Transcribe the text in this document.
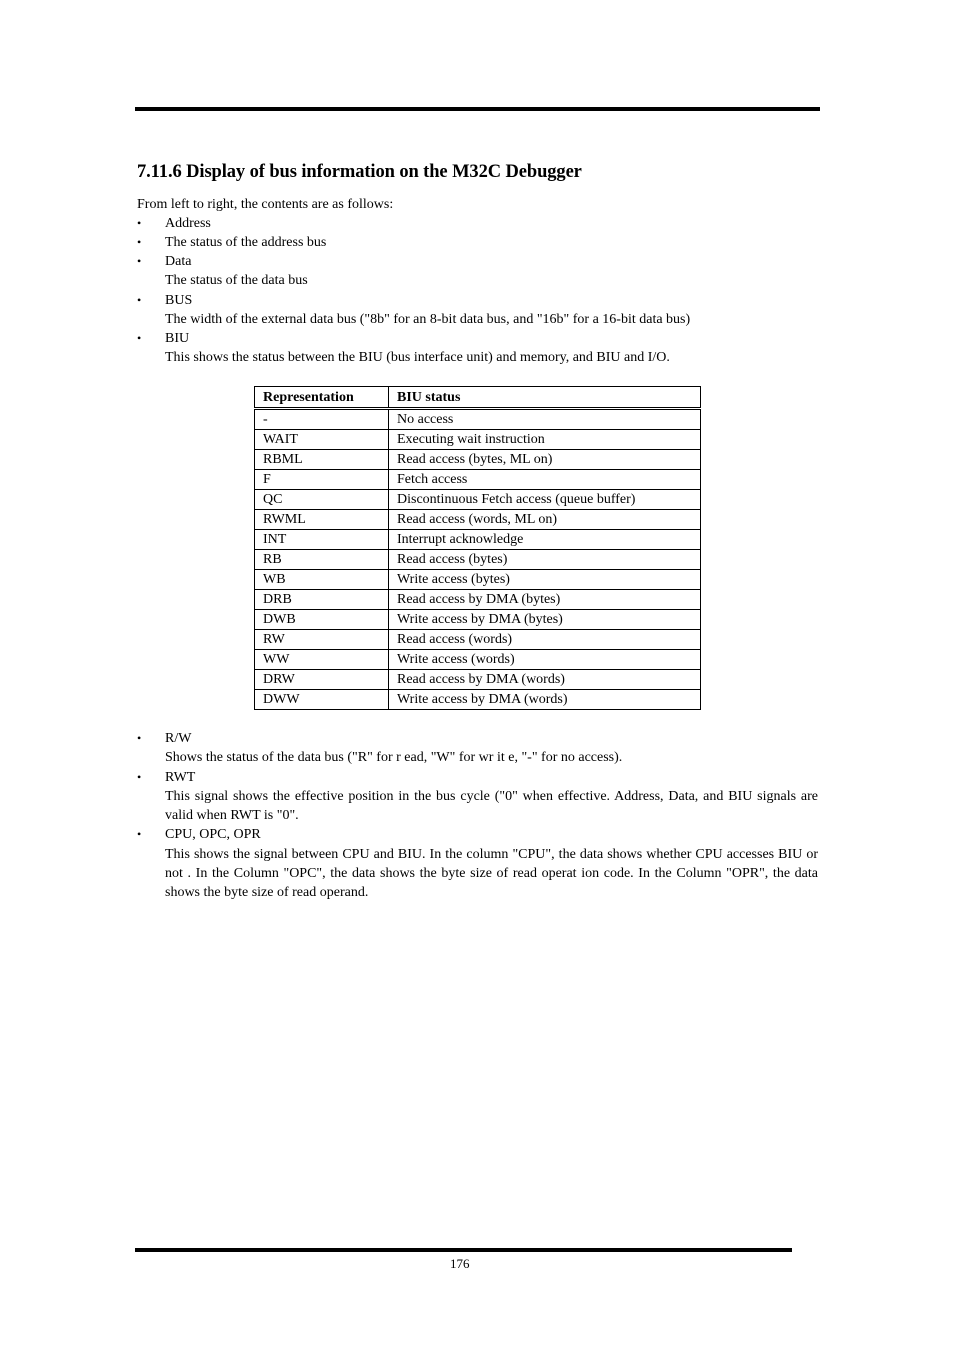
7.11.6 Display of bus information on the M32C Debugger
From left to right, the contents are as follows:
• Address
• The status of the address bus
• Data
The status of the data bus
• BUS
The width of the external data bus ("8b" for an 8-bit data bus, and "16b" for a 16-bit data bus)
• BIU
This shows the status between the BIU (bus interface unit) and memory, and BIU and I/O.
Representation	BIU status
-	No access
WAIT	Executing wait instruction
RBML	Read access (bytes, ML on)
F	Fetch access
QC	Discontinuous Fetch access (queue buffer)
RWML	Read access (words, ML on)
INT	Interrupt acknowledge
RB	Read access (bytes)
WB	Write access (bytes)
DRB	Read access by DMA (bytes)
DWB	Write access by DMA (bytes)
RW	Read access (words)
WW	Write access (words)
DRW	Read access by DMA (words)
DWW	Write access by DMA (words)
• R/W
Shows the status of the data bus ("R" for r ead, "W" for wr it e, "-" for no access).
• RWT
This signal shows the effective position in the bus cycle ("0" when effective. Address, Data, and BIU signals are valid when RWT is "0".
• CPU, OPC, OPR
This shows the signal between CPU and BIU. In the column "CPU", the data shows whether CPU accesses BIU or not . In the Column "OPC", the data shows the byte size of read operat ion code. In the Column "OPR", the data shows the byte size of read operand.
176
